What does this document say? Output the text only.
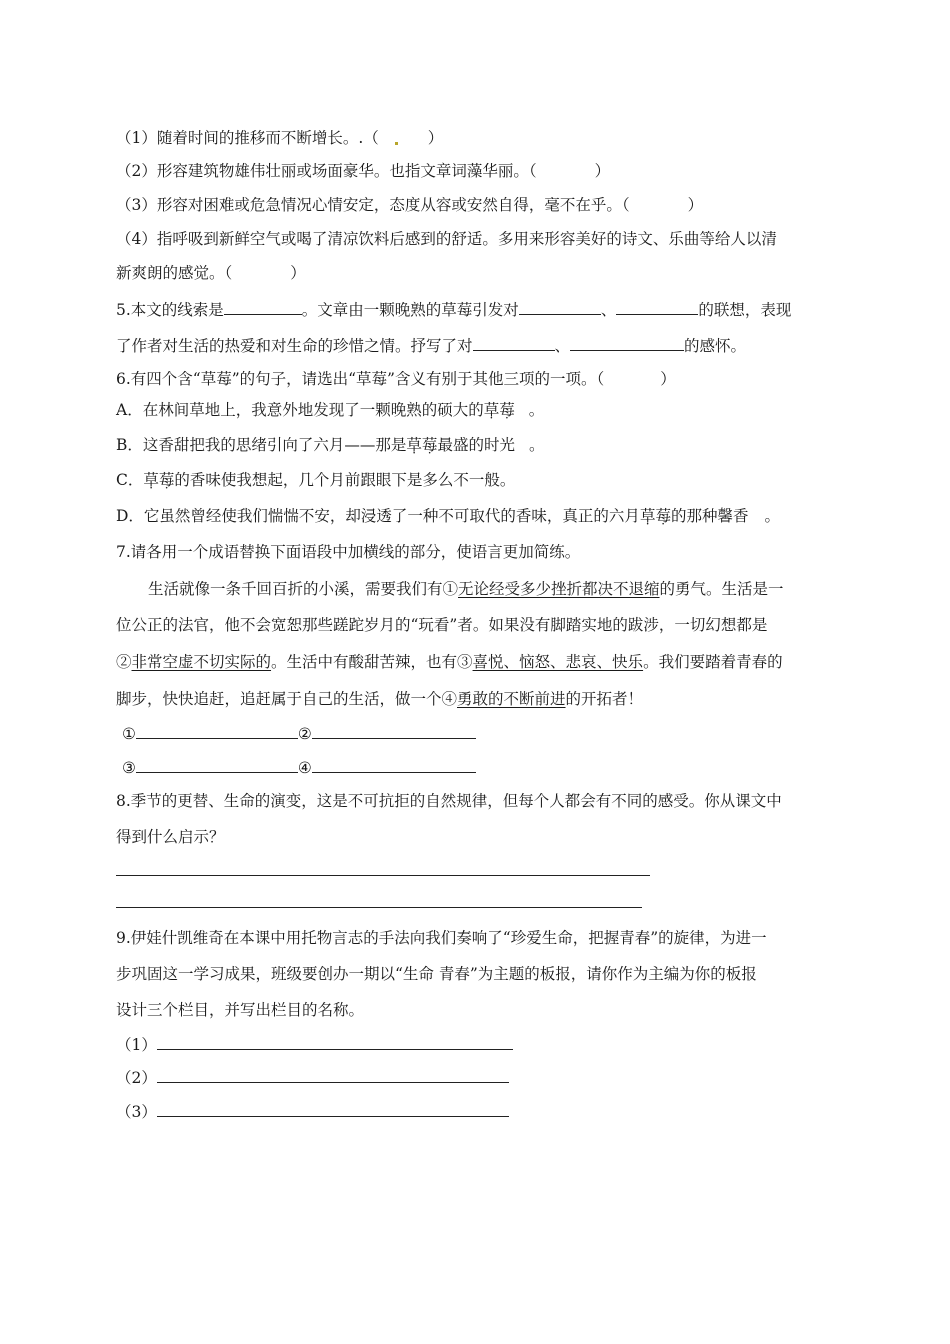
（1）随着时间的推移而不断增长。.（	）
（2）形容建筑物雄伟壮丽或场面豪华。也指文章词藻华丽。（	）
（3）形容对困难或危急情况心情安定，态度从容或安然自得，毫不在乎。（	）
（4）指呼吸到新鲜空气或喝了清凉饮料后感到的舒适。多用来形容美好的诗文、乐曲等给人以清
新爽朗的感觉。（	）
5.本文的线索是	。文章由一颗晚熟的草莓引发对	、	的联想，表现
了作者对生活的热爱和对生命的珍惜之情。抒写了对	、	的感怀。
6.有四个含“草莓”的句子，请选出“草莓”含义有别于其他三项的一项。（	）
A．在林间草地上，我意外地发现了一颗晚熟的硕大的草莓 。
B．这香甜把我的思绪引向了六月——那是草莓最盛的时光 。
C．草莓的香味使我想起，几个月前跟眼下是多么不一般。
D．它虽然曾经使我们惴惴不安，却浸透了一种不可取代的香味，真正的六月草莓的那种馨香 。
7.请各用一个成语替换下面语段中加横线的部分，使语言更加简练。
生活就像一条千回百折的小溪，需要我们有①无论经受多少挫折都决不退缩的勇气。生活是一
位公正的法官，他不会宽恕那些蹉跎岁月的“玩看”者。如果没有脚踏实地的跋涉，一切幻想都是
②非常空虚不切实际的。生活中有酸甜苦辣，也有③喜悦、恼怒、悲哀、快乐。我们要踏着青春的
脚步，快快追赶，追赶属于自己的生活，做一个④勇敢的不断前进的开拓者！
①	②
③	④
8.季节的更替、生命的演变，这是不可抗拒的自然规律，但每个人都会有不同的感受。你从课文中
得到什么启示？
9.伊娃什凯维奇在本课中用托物言志的手法向我们奏响了“珍爱生命，把握青春”的旋律，为进一
步巩固这一学习成果，班级要创办一期以“生命 青春”为主题的板报，请你作为主编为你的板报
设计三个栏目，并写出栏目的名称。
（1）
（2）
（3）
